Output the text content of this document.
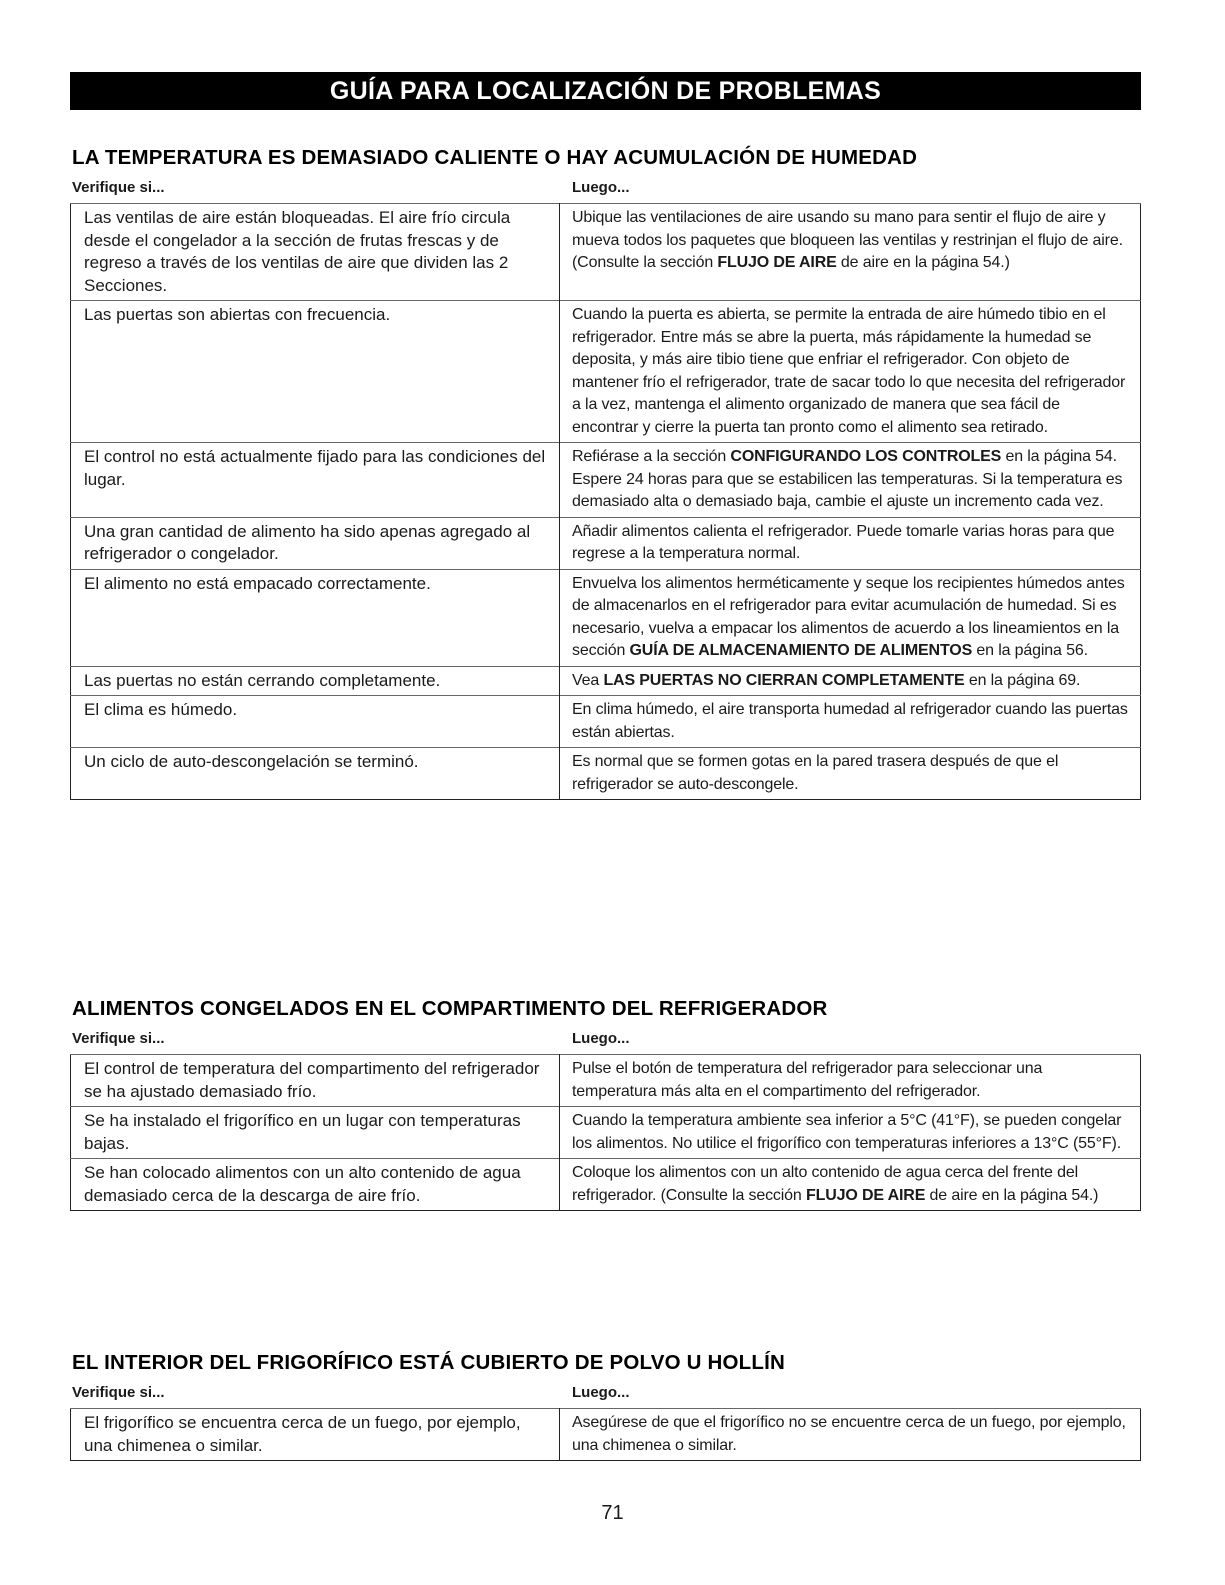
GUÍA PARA LOCALIZACIÓN DE PROBLEMAS
LA TEMPERATURA ES DEMASIADO CALIENTE O HAY ACUMULACIÓN DE HUMEDAD
Verifique si...	Luego...
Las ventilas de aire están bloqueadas. El aire frío circula desde el congelador a la sección de frutas frescas y de regreso a través de los ventilas de aire que dividen las 2 Secciones.	Ubique las ventilaciones de aire usando su mano para sentir el flujo de aire y mueva todos los paquetes que bloqueen las ventilas y restrinjan el flujo de aire. (Consulte la sección FLUJO DE AIRE de aire en la página 54.)
Las puertas son abiertas con frecuencia.	Cuando la puerta es abierta, se permite la entrada de aire húmedo tibio en el refrigerador. Entre más se abre la puerta, más rápidamente la humedad se deposita, y más aire tibio tiene que enfriar el refrigerador. Con objeto de mantener frío el refrigerador, trate de sacar todo lo que necesita del refrigerador a la vez, mantenga el alimento organizado de manera que sea fácil de encontrar y cierre la puerta tan pronto como el alimento sea retirado.
El control no está actualmente fijado para las condiciones del lugar.	Refiérase a la sección CONFIGURANDO LOS CONTROLES en la página 54. Espere 24 horas para que se estabilicen las temperaturas. Si la temperatura es demasiado alta o demasiado baja, cambie el ajuste un incremento cada vez.
Una gran cantidad de alimento ha sido apenas agregado al refrigerador o congelador.	Añadir alimentos calienta el refrigerador. Puede tomarle varias horas para que regrese a la temperatura normal.
El alimento no está empacado correctamente.	Envuelva los alimentos herméticamente y seque los recipientes húmedos antes de almacenarlos en el refrigerador para evitar acumulación de humedad. Si es necesario, vuelva a empacar los alimentos de acuerdo a los lineamientos en la sección GUÍA DE ALMACENAMIENTO DE ALIMENTOS en la página 56.
Las puertas no están cerrando completamente.	Vea LAS PUERTAS NO CIERRAN COMPLETAMENTE en la página 69.
El clima es húmedo.	En clima húmedo, el aire transporta humedad al refrigerador cuando las puertas están abiertas.
Un ciclo de auto-descongelación se terminó.	Es normal que se formen gotas en la pared trasera después de que el refrigerador se auto-descongele.
ALIMENTOS CONGELADOS EN EL COMPARTIMENTO DEL REFRIGERADOR
Verifique si...	Luego...
El control de temperatura del compartimento del refrigerador se ha ajustado demasiado frío.	Pulse el botón de temperatura del refrigerador para seleccionar una temperatura más alta en el compartimento del refrigerador.
Se ha instalado el frigorífico en un lugar con temperaturas bajas.	Cuando la temperatura ambiente sea inferior a 5°C (41°F), se pueden congelar los alimentos. No utilice el frigorífico con temperaturas inferiores a 13°C (55°F).
Se han colocado alimentos con un alto contenido de agua demasiado cerca de la descarga de aire frío.	Coloque los alimentos con un alto contenido de agua cerca del frente del refrigerador. (Consulte la sección FLUJO DE AIRE de aire en la página 54.)
EL INTERIOR DEL FRIGORÍFICO ESTÁ CUBIERTO DE POLVO U HOLLÍN
Verifique si...	Luego...
El frigorífico se encuentra cerca de un fuego, por ejemplo, una chimenea o similar.	Asegúrese de que el frigorífico no se encuentre cerca de un fuego, por ejemplo, una chimenea o similar.
71
